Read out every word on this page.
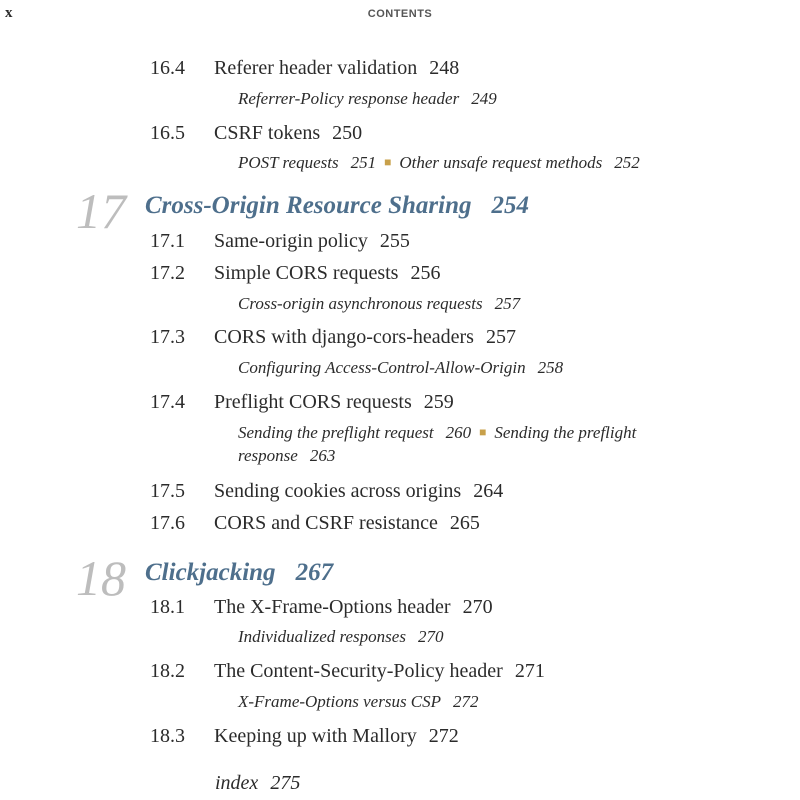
x	CONTENTS
16.4 Referer header validation 248
Referrer-Policy response header 249
16.5 CSRF tokens 250
POST requests 251 ■ Other unsafe request methods 252
17 Cross-Origin Resource Sharing 254
17.1 Same-origin policy 255
17.2 Simple CORS requests 256
Cross-origin asynchronous requests 257
17.3 CORS with django-cors-headers 257
Configuring Access-Control-Allow-Origin 258
17.4 Preflight CORS requests 259
Sending the preflight request 260 ■ Sending the preflight
response 263
17.5 Sending cookies across origins 264
17.6 CORS and CSRF resistance 265
18 Clickjacking 267
18.1 The X-Frame-Options header 270
Individualized responses 270
18.2 The Content-Security-Policy header 271
X-Frame-Options versus CSP 272
18.3 Keeping up with Mallory 272
index 275
